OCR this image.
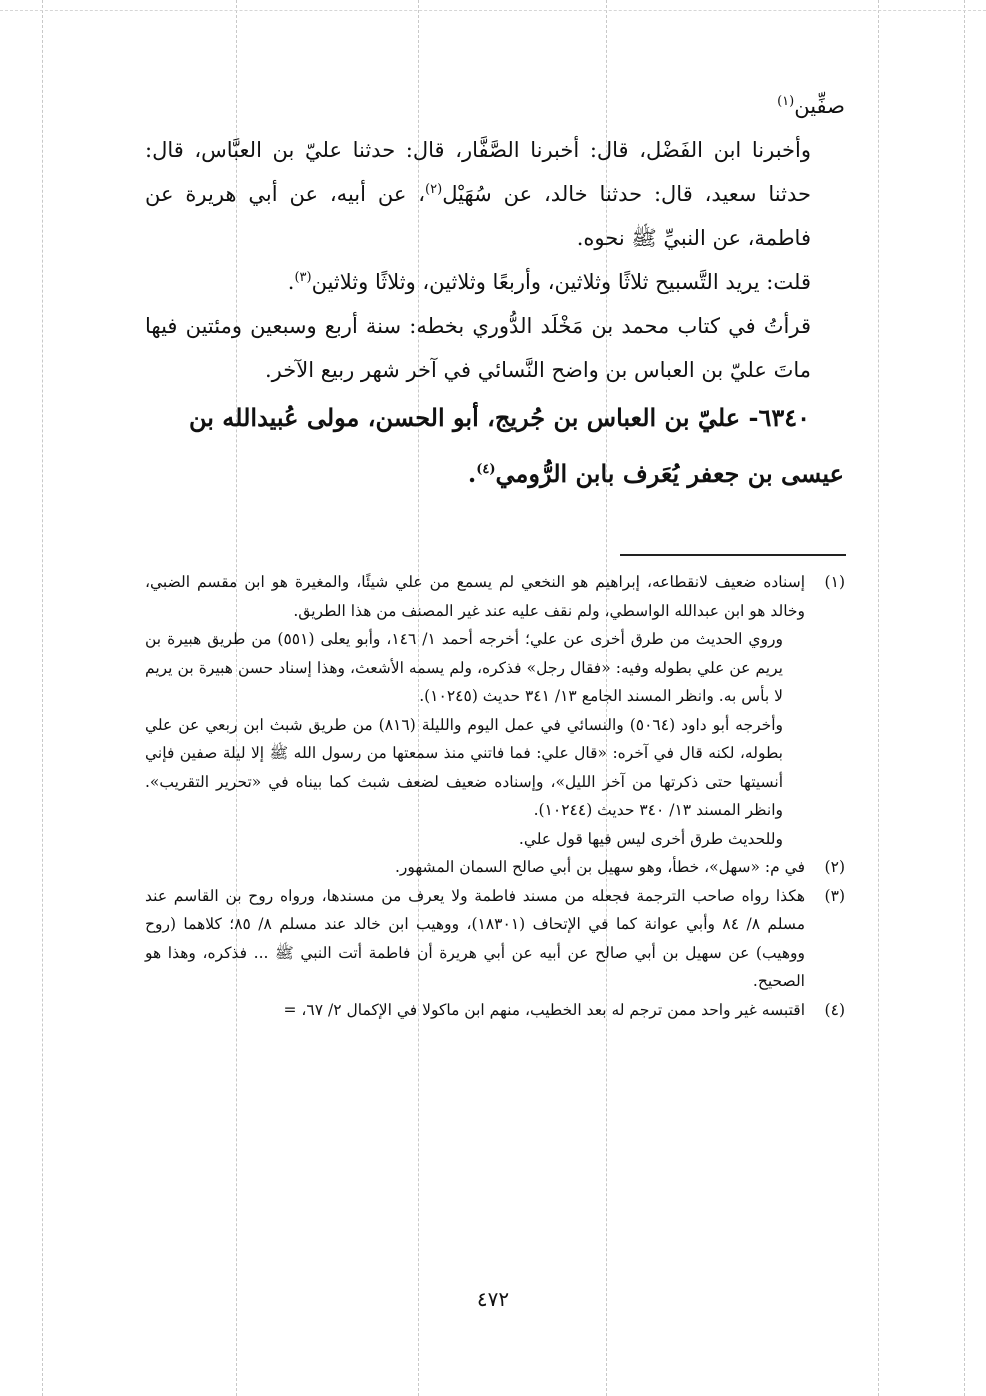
صفِّين$^{(١)}$

وأخبرنا ابن الفَضْل، قال: أخبرنا الصَّفَّار، قال: حدثنا عليّ بن العبَّاس، قال: حدثنا سعيد، قال: حدثنا خالد، عن سُهَيْل$^{(٢)}$، عن أبيه، عن أبي هريرة عن فاطمة، عن النبيِّ ﷺ نحوه.

قلت: يريد التَّسبيح ثلاثًا وثلاثين، وأربعًا وثلاثين، وثلاثًا وثلاثين$^{(٣)}$.

قرأتُ في كتاب محمد بن مَخْلَد الدُّوري بخطه: سنة أربع وسبعين ومئتين فيها ماتَ عليّ بن العباس بن واضح النَّسائي في آخر شهر ربيع الآخر.

٦٣٤٠- عليّ بن العباس بن جُريج، أبو الحسن، مولى عُبيدالله بن
عيسى بن جعفر يُعَرف بابن الرُّومي$^{(٤)}$.
(١)
إسناده ضعيف لانقطاعه، إبراهيم هو النخعي لم يسمع من علي شيئًا، والمغيرة هو ابن مقسم الضبي، وخالد هو ابن عبدالله الواسطي، ولم نقف عليه عند غير المصنف من هذا الطريق.
وروي الحديث من طرق أخرى عن علي؛ أخرجه أحمد ١/ ١٤٦، وأبو يعلى (٥٥١) من طريق هبيرة بن يريم عن علي بطوله وفيه: «فقال رجل» فذكره، ولم يسمه الأشعث، وهذا إسناد حسن هبيرة بن يريم لا بأس به. وانظر المسند الجامع ١٣/ ٣٤١ حديث (١٠٢٤٥).
وأخرجه أبو داود (٥٠٦٤) والنسائي في عمل اليوم والليلة (٨١٦) من طريق شبث ابن ربعي عن علي بطوله، لكنه قال في آخره: «قال علي: فما فاتني منذ سمعتها من رسول الله ﷺ إلا ليلة صفين فإني أنسيتها حتى ذكرتها من آخر الليل»، وإسناده ضعيف لضعف شبث كما بيناه في «تحرير التقريب». وانظر المسند ١٣/ ٣٤٠ حديث (١٠٢٤٤).
وللحديث طرق أخرى ليس فيها قول علي.
(٢)
في م: «سهل»، خطأ، وهو سهيل بن أبي صالح السمان المشهور.
(٣)
هكذا رواه صاحب الترجمة فجعله من مسند فاطمة ولا يعرف من مسندها، ورواه روح بن القاسم عند مسلم ٨/ ٨٤ وأبي عوانة كما في الإتحاف (١٨٣٠١)، ووهيب ابن خالد عند مسلم ٨/ ٨٥؛ كلاهما (روح ووهيب) عن سهيل بن أبي صالح عن أبيه عن أبي هريرة أن فاطمة أتت النبي ﷺ ... فذكره، وهذا هو الصحيح.
(٤)
اقتبسه غير واحد ممن ترجم له بعد الخطيب، منهم ابن ماكولا في الإكمال ٢/ ٦٧، =
٤٧٢
